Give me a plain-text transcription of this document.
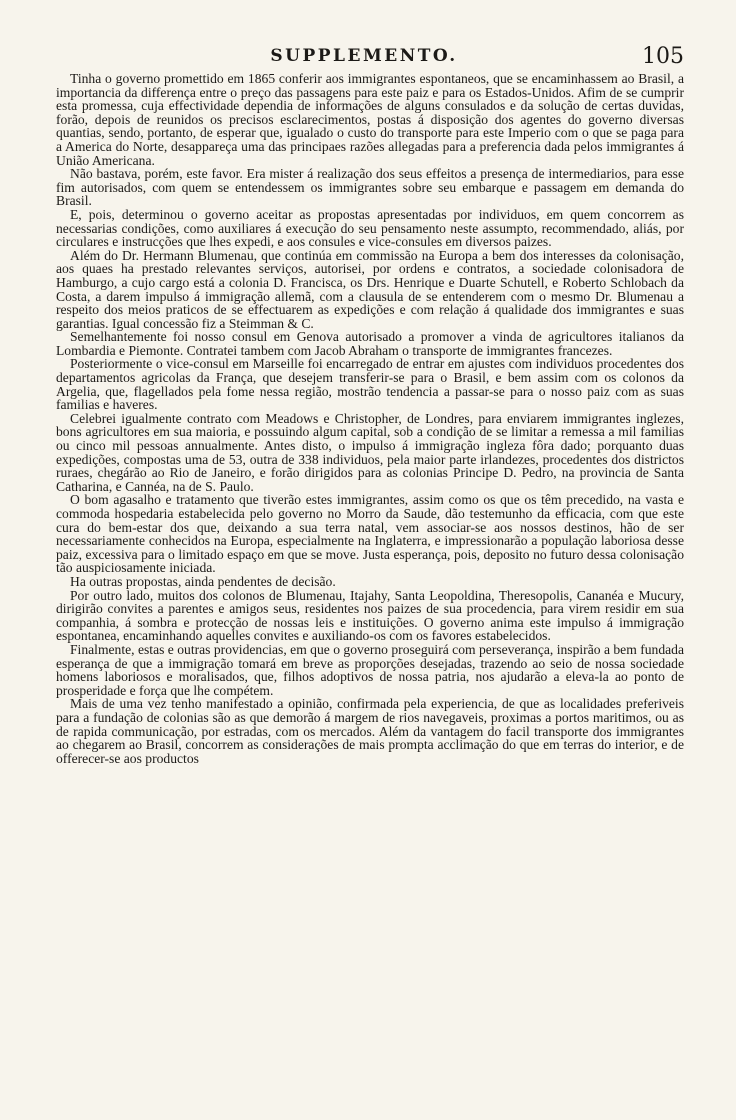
SUPPLEMENTO.	105

Tinha o governo promettido em 1865 conferir aos immigrantes espontaneos, que se encaminhassem ao Brasil, a importancia da differença entre o preço das passagens para este paiz e para os Estados-Unidos. Afim de se cumprir esta promessa, cuja effectividade dependia de informações de alguns consulados e da solução de certas duvidas, forão, depois de reunidos os precisos esclarecimentos, postas á disposição dos agentes do governo diversas quantias, sendo, portanto, de esperar que, igualado o custo do transporte para este Imperio com o que se paga para a America do Norte, desappareça uma das principaes razões allegadas para a preferencia dada pelos immigrantes á União Americana.

Não bastava, porém, este favor. Era mister á realização dos seus effeitos a presença de intermediarios, para esse fim autorisados, com quem se entendessem os immigrantes sobre seu embarque e passagem em demanda do Brasil.

E, pois, determinou o governo aceitar as propostas apresentadas por individuos, em quem concorrem as necessarias condições, como auxiliares á execução do seu pensamento neste assumpto, recommendado, aliás, por circulares e instrucções que lhes expedi, e aos consules e vice-consules em diversos paizes.

Além do Dr. Hermann Blumenau, que continúa em commissão na Europa a bem dos interesses da colonisação, aos quaes ha prestado relevantes serviços, autorisei, por ordens e contratos, a sociedade colonisadora de Hamburgo, a cujo cargo está a colonia D. Francisca, os Drs. Henrique e Duarte Schutell, e Roberto Schlobach da Costa, a darem impulso á immigração allemã, com a clausula de se entenderem com o mesmo Dr. Blumenau a respeito dos meios praticos de se effectuarem as expedições e com relação á qualidade dos immigrantes e suas garantias. Igual concessão fiz a Steimman & C.

Semelhantemente foi nosso consul em Genova autorisado a promover a vinda de agricultores italianos da Lombardia e Piemonte. Contratei tambem com Jacob Abraham o transporte de immigrantes francezes.

Posteriormente o vice-consul em Marseille foi encarregado de entrar em ajustes com individuos procedentes dos departamentos agricolas da França, que desejem transferir-se para o Brasil, e bem assim com os colonos da Argelia, que, flagellados pela fome nessa região, mostrão tendencia a passar-se para o nosso paiz com as suas familias e haveres.

Celebrei igualmente contrato com Meadows e Christopher, de Londres, para enviarem immigrantes inglezes, bons agricultores em sua maioria, e possuindo algum capital, sob a condição de se limitar a remessa a mil familias ou cinco mil pessoas annualmente. Antes disto, o impulso á immigração ingleza fôra dado; porquanto duas expedições, compostas uma de 53, outra de 338 individuos, pela maior parte irlandezes, procedentes dos districtos ruraes, chegárão ao Rio de Janeiro, e forão dirigidos para as colonias Principe D. Pedro, na provincia de Santa Catharina, e Cannéa, na de S. Paulo.

O bom agasalho e tratamento que tiverão estes immigrantes, assim como os que os têm precedido, na vasta e commoda hospedaria estabelecida pelo governo no Morro da Saude, dão testemunho da efficacia, com que este cura do bem-estar dos que, deixando a sua terra natal, vem associar-se aos nossos destinos, hão de ser necessariamente conhecidos na Europa, especialmente na Inglaterra, e impressionarão a população laboriosa desse paiz, excessiva para o limitado espaço em que se move. Justa esperança, pois, deposito no futuro dessa colonisação tão auspiciosamente iniciada.

Ha outras propostas, ainda pendentes de decisão.

Por outro lado, muitos dos colonos de Blumenau, Itajahy, Santa Leopoldina, Theresopolis, Cananéa e Mucury, dirigirão convites a parentes e amigos seus, residentes nos paizes de sua procedencia, para virem residir em sua companhia, á sombra e protecção de nossas leis e instituições. O governo anima este impulso á immigração espontanea, encaminhando aquelles convites e auxiliando-os com os favores estabelecidos.

Finalmente, estas e outras providencias, em que o governo proseguirá com perseverança, inspirão a bem fundada esperança de que a immigração tomará em breve as proporções desejadas, trazendo ao seio de nossa sociedade homens laboriosos e moralisados, que, filhos adoptivos de nossa patria, nos ajudarão a eleva-la ao ponto de prosperidade e força que lhe compétem.

Mais de uma vez tenho manifestado a opinião, confirmada pela experiencia, de que as localidades preferiveis para a fundação de colonias são as que demorão á margem de rios navegaveis, proximas a portos maritimos, ou as de rapida communicação, por estradas, com os mercados. Além da vantagem do facil transporte dos immigrantes ao chegarem ao Brasil, concorrem as considerações de mais prompta acclimação do que em terras do interior, e de offerecer-se aos productos
